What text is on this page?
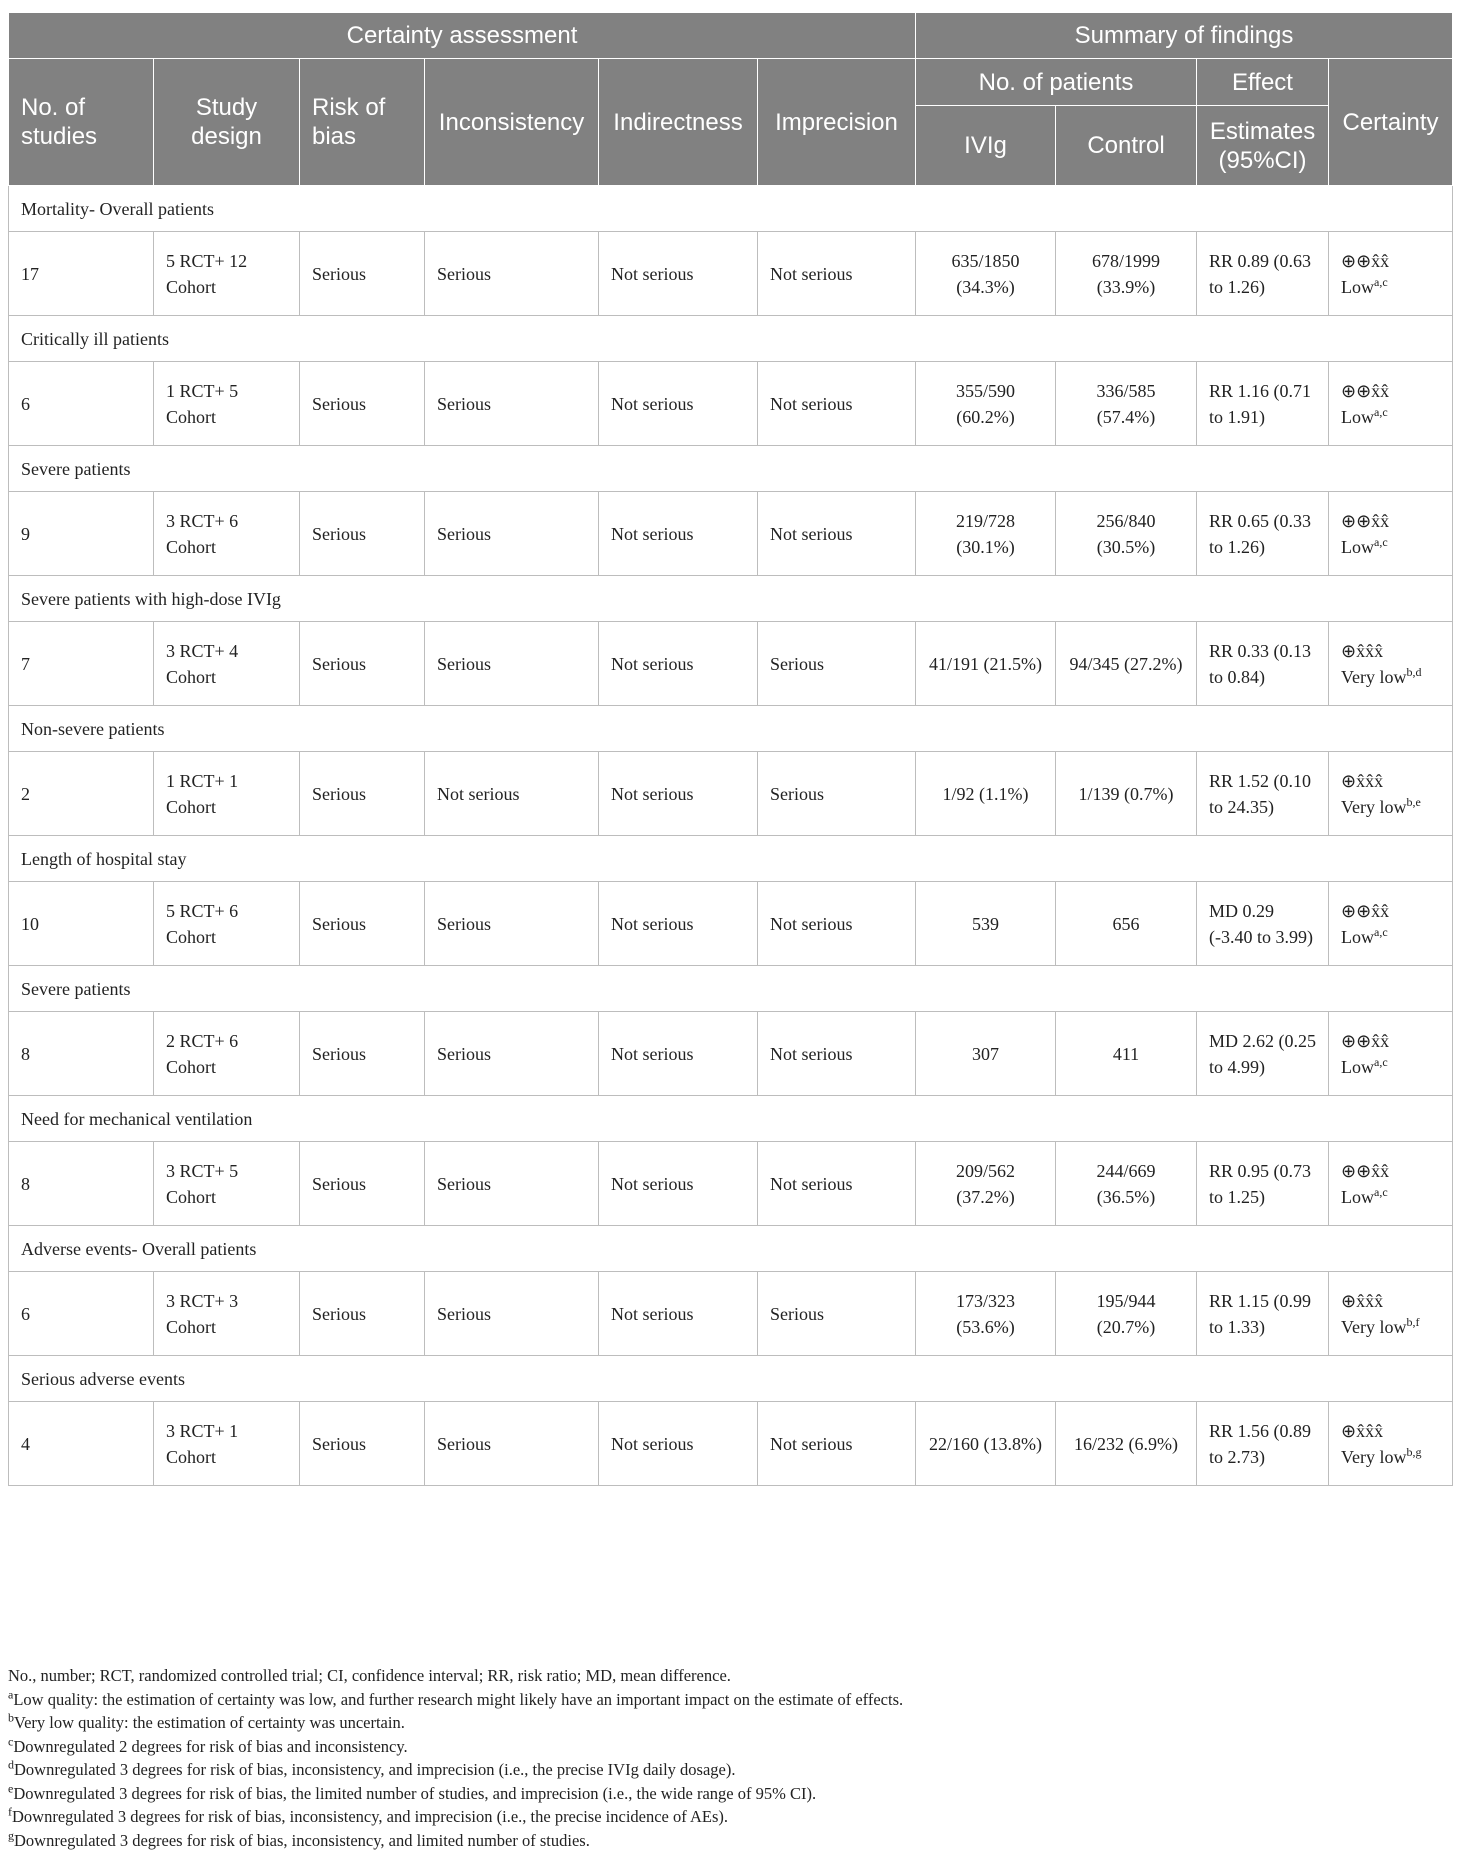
Certainty assessment						Summary of findings			
No. of studies	Study design	Risk of bias	Inconsistency	Indirectness	Imprecision	No. of patients		Effect	Certainty
						IVIg	Control	Estimates (95%CI)	
Mortality- Overall patients									
17	5 RCT+ 12 Cohort	Serious	Serious	Not serious	Not serious	635/1850 (34.3%)	678/1999 (33.9%)	RR 0.89 (0.63 to 1.26)	⊕⊕x̂x̂
Low$^{a,c}$

Critically ill patients									
6	1 RCT+ 5 Cohort	Serious	Serious	Not serious	Not serious	355/590 (60.2%)	336/585 (57.4%)	RR 1.16 (0.71 to 1.91)	⊕⊕x̂x̂
Low$^{a,c}$

Severe patients									
9	3 RCT+ 6 Cohort	Serious	Serious	Not serious	Not serious	219/728 (30.1%)	256/840 (30.5%)	RR 0.65 (0.33 to 1.26)	⊕⊕x̂x̂
Low$^{a,c}$

Severe patients with high-dose IVIg									
7	3 RCT+ 4 Cohort	Serious	Serious	Not serious	Serious	41/191 (21.5%)	94/345 (27.2%)	RR 0.33 (0.13 to 0.84)	⊕x̂x̂x̂
Very low$^{b,d}$

Non-severe patients									
2	1 RCT+ 1 Cohort	Serious	Not serious	Not serious	Serious	1/92 (1.1%)	1/139 (0.7%)	RR 1.52 (0.10 to 24.35)	⊕x̂x̂x̂
Very low$^{b,e}$

Length of hospital stay									
10	5 RCT+ 6 Cohort	Serious	Serious	Not serious	Not serious	539	656	MD 0.29 (-3.40 to 3.99)	⊕⊕x̂x̂
Low$^{a,c}$

Severe patients									
8	2 RCT+ 6 Cohort	Serious	Serious	Not serious	Not serious	307	411	MD 2.62 (0.25 to 4.99)	⊕⊕x̂x̂
Low$^{a,c}$

Need for mechanical ventilation									
8	3 RCT+ 5 Cohort	Serious	Serious	Not serious	Not serious	209/562 (37.2%)	244/669 (36.5%)	RR 0.95 (0.73 to 1.25)	⊕⊕x̂x̂
Low$^{a,c}$

Adverse events- Overall patients									
6	3 RCT+ 3 Cohort	Serious	Serious	Not serious	Serious	173/323 (53.6%)	195/944 (20.7%)	RR 1.15 (0.99 to 1.33)	⊕x̂x̂x̂
Very low$^{b,f}$

Serious adverse events									
4	3 RCT+ 1 Cohort	Serious	Serious	Not serious	Not serious	22/160 (13.8%)	16/232 (6.9%)	RR 1.56 (0.89 to 2.73)	⊕x̂x̂x̂
Very low$^{b,g}$

No., number; RCT, randomized controlled trial; CI, confidence interval; RR, risk ratio; MD, mean difference.

$^a$Low quality: the estimation of certainty was low, and further research might likely have an important impact on the estimate of effects.

$^b$Very low quality: the estimation of certainty was uncertain.

$^c$Downregulated 2 degrees for risk of bias and inconsistency.

$^d$Downregulated 3 degrees for risk of bias, inconsistency, and imprecision (i.e., the precise IVIg daily dosage).

$^e$Downregulated 3 degrees for risk of bias, the limited number of studies, and imprecision (i.e., the wide range of 95% CI).

$^f$Downregulated 3 degrees for risk of bias, inconsistency, and imprecision (i.e., the precise incidence of AEs).

$^g$Downregulated 3 degrees for risk of bias, inconsistency, and limited number of studies.
